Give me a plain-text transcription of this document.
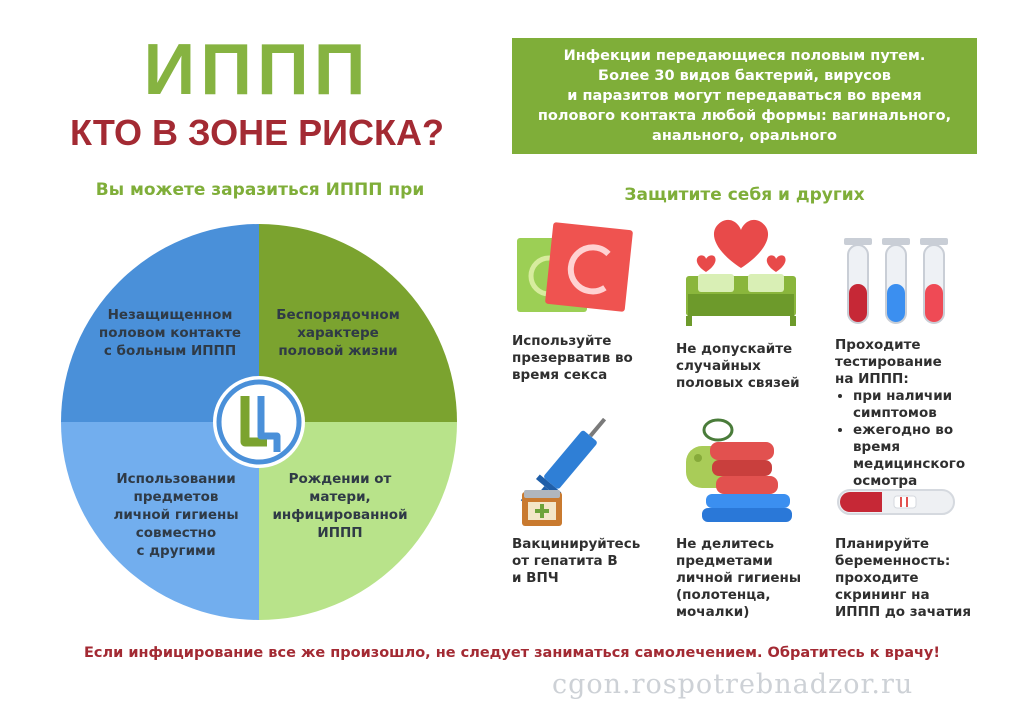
ИППП
КТО В ЗОНЕ РИСКА?
Инфекции передающиеся половым путем.
Более 30 видов бактерий, вирусов
и паразитов могут передаваться во время
полового контакта любой формы: вагинального,
анального, орального
Вы можете заразиться ИППП при	Защитите себя и других
Незащищенном
половом контакте
с больным ИППП
Беспорядочном
характере
половой жизни
Использовании
предметов
личной гигиены
совместно
с другими
Рождении от
матери,
инфицированной
ИППП
Используйте
презерватив во
время секса
Не допускайте
случайных
половых связей
Проходите
тестирование
на ИППП:
• при наличии симптомов
• ежегодно во время медицинского осмотра
Вакцинируйтесь
от гепатита В
и ВПЧ
Не делитесь
предметами
личной гигиены
(полотенца,
мочалки)
Планируйте
беременность:
проходите
скрининг на
ИППП до зачатия
Если инфицирование все же произошло, не следует заниматься самолечением. Обратитесь к врачу!
cgon.rospotrebnadzor.ru
